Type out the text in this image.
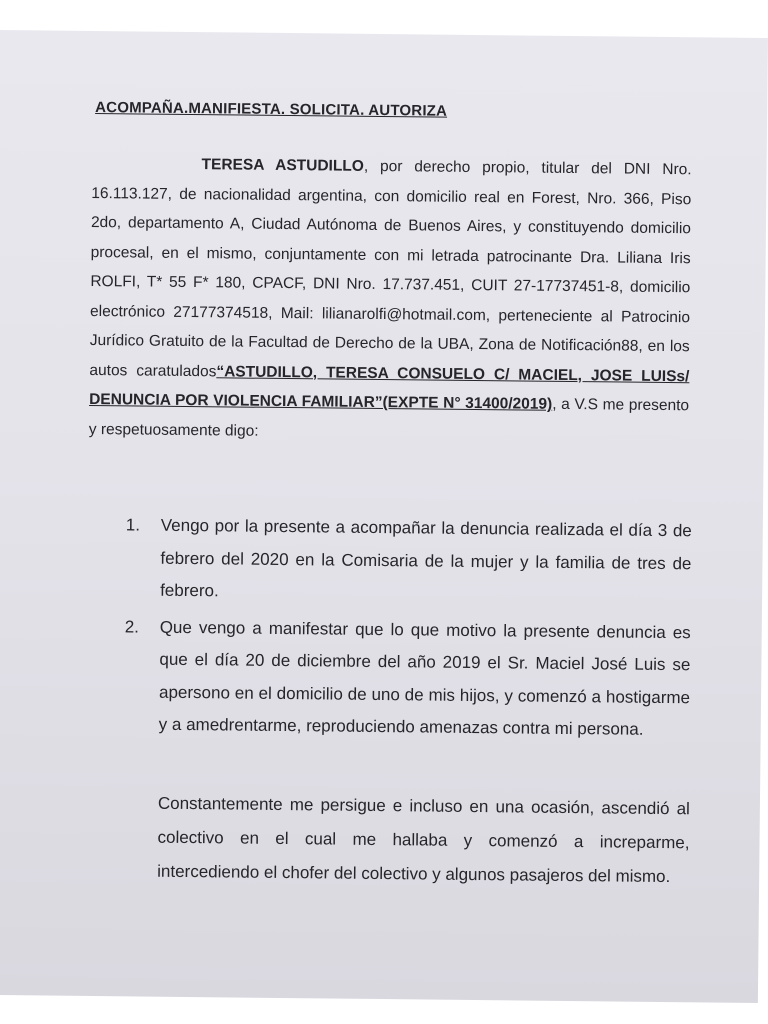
ACOMPAÑA.MANIFIESTA. SOLICITA. AUTORIZA
TERESA ASTUDILLO, por derecho propio, titular del DNI Nro. 16.113.127, de nacionalidad argentina, con domicilio real en Forest, Nro. 366, Piso 2do, departamento A, Ciudad Autónoma de Buenos Aires, y constituyendo domicilio procesal, en el mismo, conjuntamente con mi letrada patrocinante Dra. Liliana Iris ROLFI, T* 55 F* 180, CPACF, DNI Nro. 17.737.451, CUIT 27-17737451-8, domicilio electrónico 27177374518, Mail: lilianarolfi@hotmail.com, perteneciente al Patrocinio Jurídico Gratuito de la Facultad de Derecho de la UBA, Zona de Notificación88, en los autos caratulados“ASTUDILLO, TERESA CONSUELO C/ MACIEL, JOSE LUISs/ DENUNCIA POR VIOLENCIA FAMILIAR”(EXPTE N° 31400/2019), a V.S me presento y respetuosamente digo:
1. Vengo por la presente a acompañar la denuncia realizada el día 3 de febrero del 2020 en la Comisaria de la mujer y la familia de tres de febrero.
2. Que vengo a manifestar que lo que motivo la presente denuncia es que el día 20 de diciembre del año 2019 el Sr. Maciel José Luis se apersono en el domicilio de uno de mis hijos, y comenzó a hostigarme y a amedrentarme, reproduciendo amenazas contra mi persona.
Constantemente me persigue e incluso en una ocasión, ascendió al colectivo en el cual me hallaba y comenzó a increparme, intercediendo el chofer del colectivo y algunos pasajeros del mismo.
